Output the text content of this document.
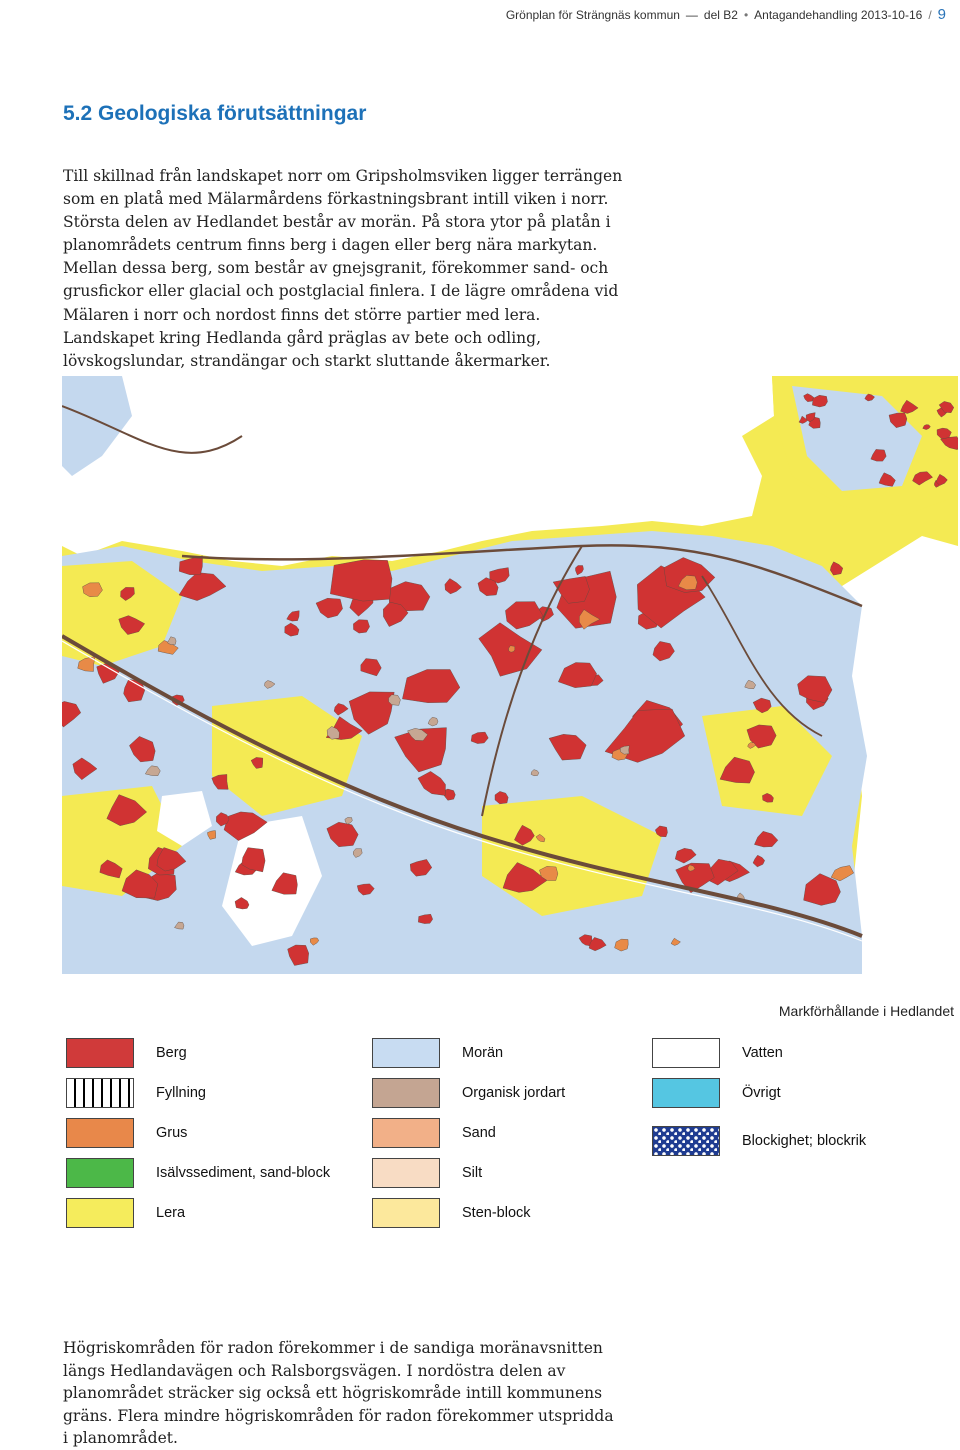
Grönplan för Strängnäs kommun — del B2 • Antagandehandling 2013-10-16 / 9
5.2 Geologiska förutsättningar

Till skillnad från landskapet norr om Gripsholmsviken ligger terrängen som en platå med Mälarmårdens förkastningsbrant intill viken i norr. Största delen av Hedlandet består av morän. På stora ytor på platån i planområdets centrum finns berg i dagen eller berg nära markytan. Mellan dessa berg, som består av gnejsgranit, förekommer sand- och grusfickor eller glacial och postglacial finlera. I de lägre områdena vid Mälaren i norr och nordost finns det större partier med lera. Landskapet kring Hedlanda gård präglas av bete och odling, lövskogslundar, strandängar och starkt sluttande åkermarker.

Markförhållande i Hedlandet
Berg
Fyllning
Grus
Isälvssediment, sand-block
Lera
Morän
Organisk jordart
Sand
Silt
Sten-block
Vatten
Övrigt
Blockighet; blockrik

Högriskområden för radon förekommer i de sandiga moränavsnitten längs Hedlandavägen och Ralsborgsvägen. I nordöstra delen av planområdet sträcker sig också ett högriskområde intill kommunens gräns. Flera mindre högriskområden för radon förekommer utspridda i planområdet.
